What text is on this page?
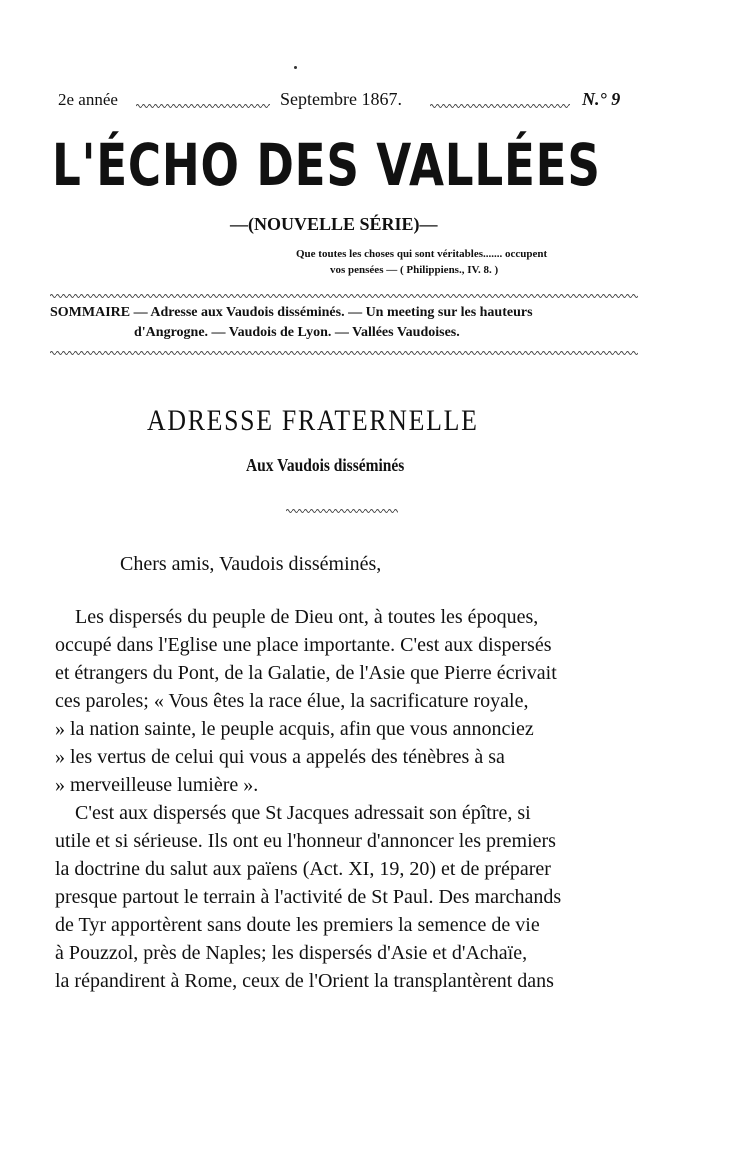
2e année	Septembre 1867.	N.° 9
L'ÉCHO DES VALLÉES
—(NOUVELLE SÉRIE)—
Que toutes les choses qui sont véritables....... occupent
vos pensées — ( Philippiens., IV. 8. )
SOMMAIRE — Adresse aux Vaudois disséminés. — Un meeting sur les hauteurs
d'Angrogne. — Vaudois de Lyon. — Vallées Vaudoises.
ADRESSE FRATERNELLE
Aux Vaudois disséminés
Chers amis, Vaudois disséminés,
Les dispersés du peuple de Dieu ont, à toutes les époques,
occupé dans l'Eglise une place importante. C'est aux dispersés
et étrangers du Pont, de la Galatie, de l'Asie que Pierre écrivait
ces paroles; « Vous êtes la race élue, la sacrificature royale,
» la nation sainte, le peuple acquis, afin que vous annonciez
» les vertus de celui qui vous a appelés des ténèbres à sa
» merveilleuse lumière ».
C'est aux dispersés que St Jacques adressait son épître, si
utile et si sérieuse. Ils ont eu l'honneur d'annoncer les premiers
la doctrine du salut aux païens (Act. XI, 19, 20) et de préparer
presque partout le terrain à l'activité de St Paul. Des marchands
de Tyr apportèrent sans doute les premiers la semence de vie
à Pouzzol, près de Naples; les dispersés d'Asie et d'Achaïe,
la répandirent à Rome, ceux de l'Orient la transplantèrent dans
